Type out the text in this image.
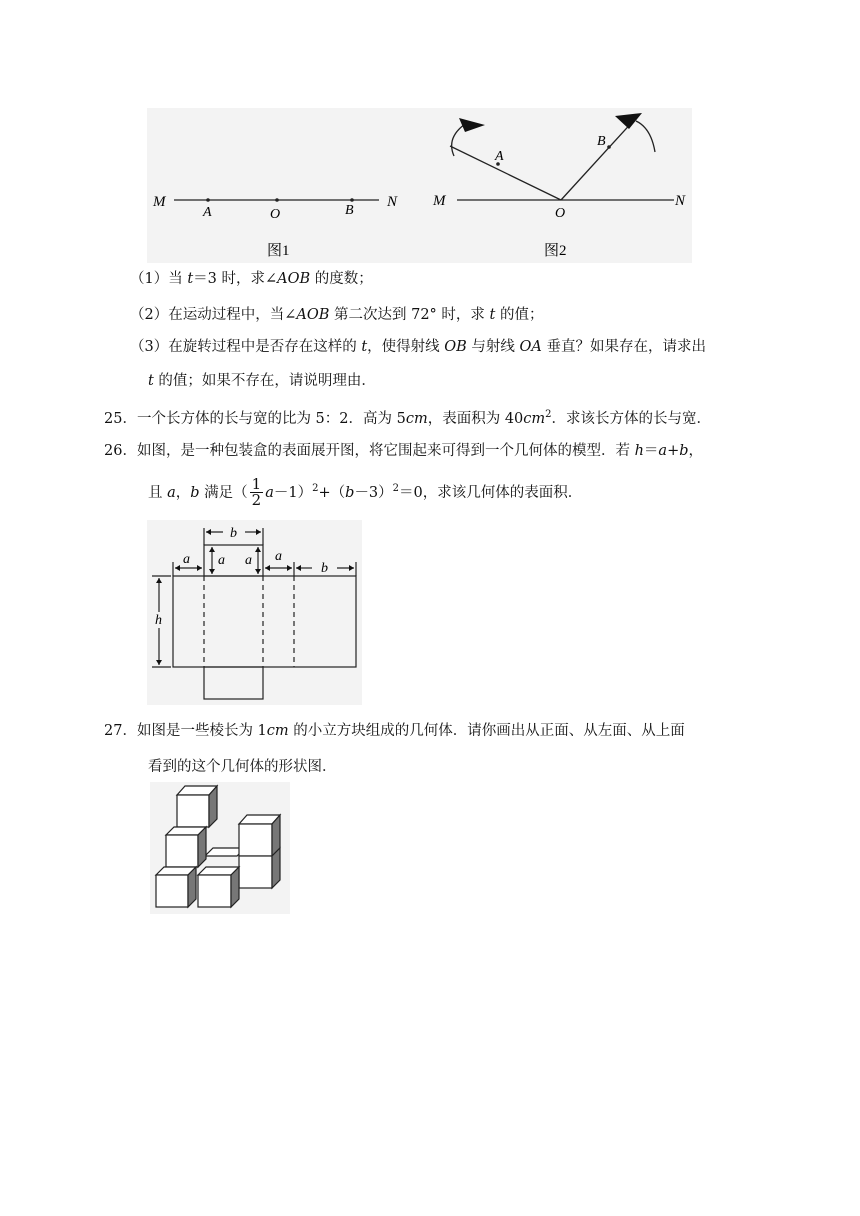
M
A	O	B
N
图1
M
A
O
B
N
图2
（1）当 t＝3 时，求∠AOB 的度数；
（2）在运动过程中，当∠AOB 第二次达到 72° 时，求 t 的值；
（3）在旋转过程中是否存在这样的 t，使得射线 OB 与射线 OA 垂直？如果存在，请求出
t 的值；如果不存在，请说明理由．
25．一个长方体的长与宽的比为 5：2．高为 5cm，表面积为 $40cm^2$．求该长方体的长与宽．
26．如图，是一种包装盒的表面展开图，将它围起来可得到一个几何体的模型．若 h＝a+b，
且 a，b 满足（ $\frac{1}{2} a-1)^2+(b-3)^2=0$，求该几何体的表面积．
b
a a a a
b
h
27．如图是一些棱长为 1cm 的小立方块组成的几何体．请你画出从正面、从左面、从上面
看到的这个几何体的形状图．
